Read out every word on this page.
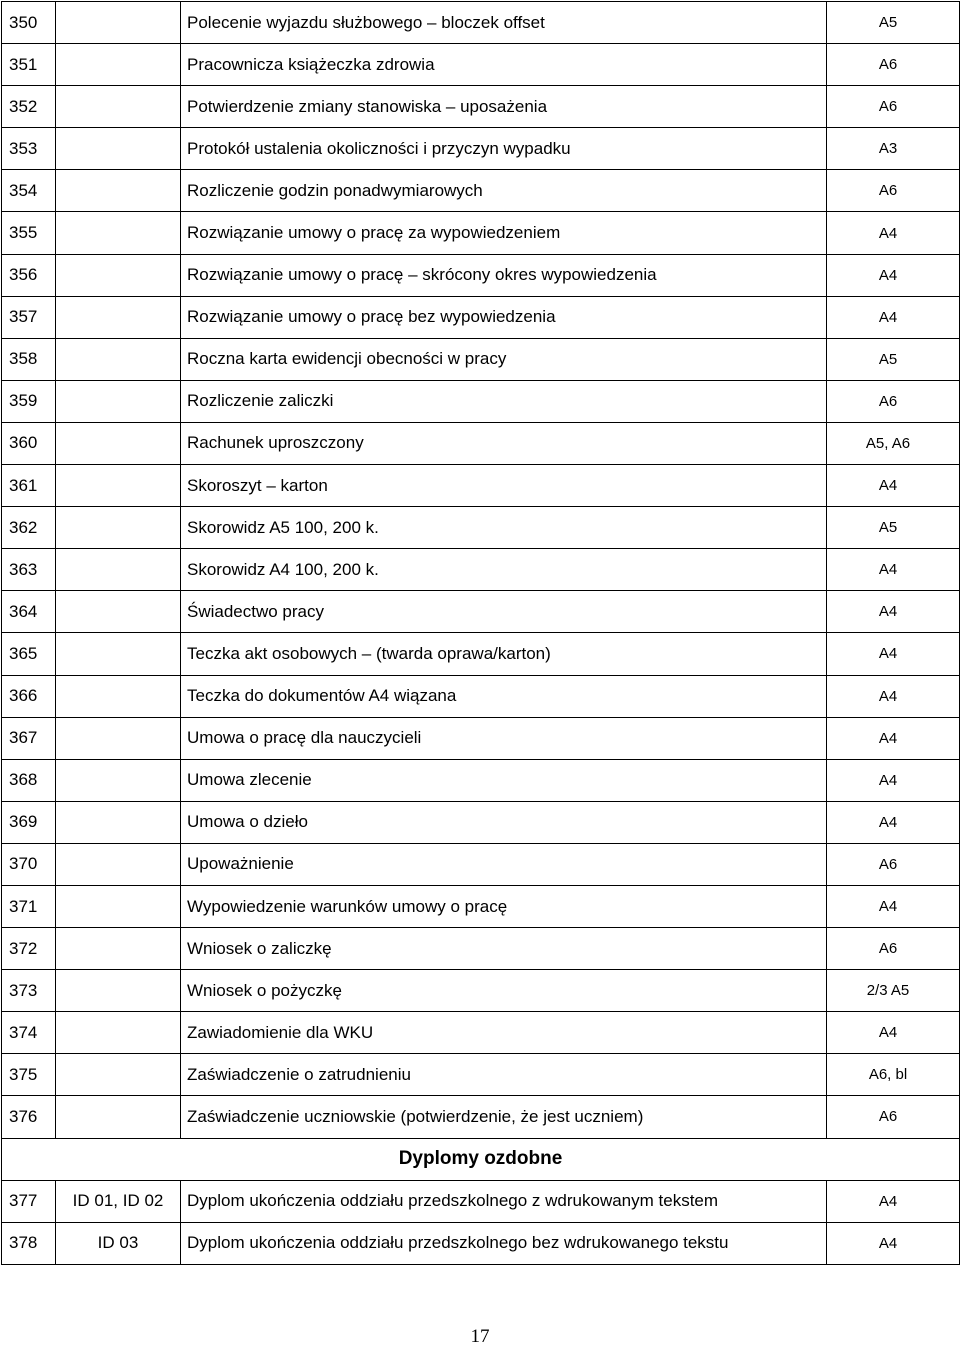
350		Polecenie wyjazdu służbowego – bloczek offset	A5
351		Pracownicza książeczka zdrowia	A6
352		Potwierdzenie zmiany stanowiska – uposażenia	A6
353		Protokół ustalenia okoliczności i przyczyn wypadku	A3
354		Rozliczenie godzin ponadwymiarowych	A6
355		Rozwiązanie umowy o pracę za wypowiedzeniem	A4
356		Rozwiązanie umowy o pracę – skrócony okres wypowiedzenia	A4
357		Rozwiązanie umowy o pracę bez wypowiedzenia	A4
358		Roczna karta ewidencji obecności w pracy	A5
359		Rozliczenie zaliczki	A6
360		Rachunek uproszczony	A5, A6
361		Skoroszyt – karton	A4
362		Skorowidz A5 100, 200 k.	A5
363		Skorowidz A4 100, 200 k.	A4
364		Świadectwo pracy	A4
365		Teczka akt osobowych – (twarda oprawa/karton)	A4
366		Teczka do dokumentów A4 wiązana	A4
367		Umowa o pracę dla nauczycieli	A4
368		Umowa zlecenie	A4
369		Umowa o dzieło	A4
370		Upoważnienie	A6
371		Wypowiedzenie warunków umowy o pracę	A4
372		Wniosek o zaliczkę	A6
373		Wniosek o pożyczkę	2/3 A5
374		Zawiadomienie dla WKU	A4
375		Zaświadczenie o zatrudnieniu	A6, bl
376		Zaświadczenie uczniowskie (potwierdzenie, że jest uczniem)	A6
Dyplomy ozdobne			
377	ID 01, ID 02	Dyplom ukończenia oddziału przedszkolnego z wdrukowanym tekstem	A4
378	ID 03	Dyplom ukończenia oddziału przedszkolnego bez wdrukowanego tekstu	A4
17
